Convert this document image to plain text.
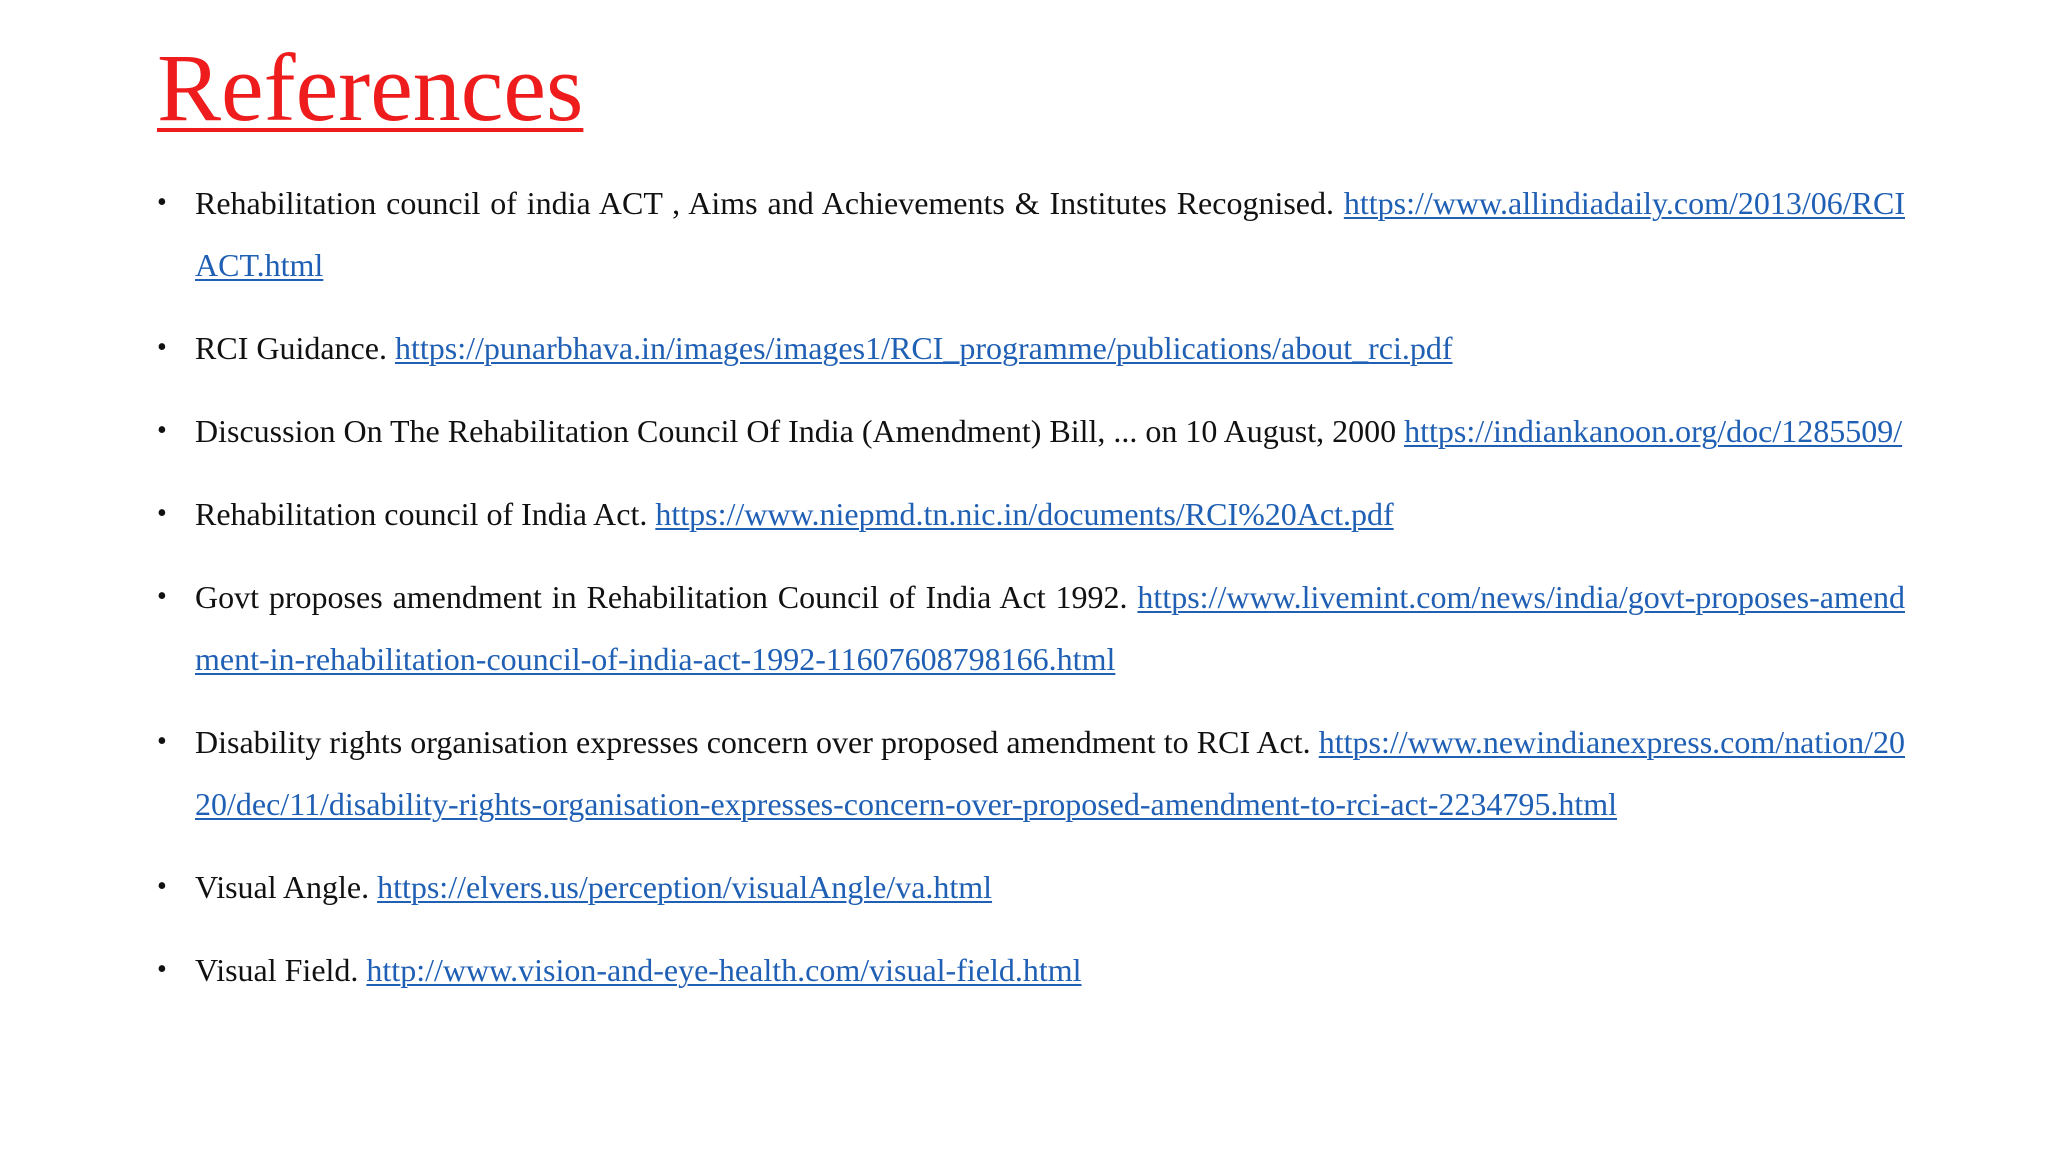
References
• Rehabilitation council of india ACT , Aims and Achievements & Institutes Recognised. https://www.allindiadaily.com/2013/06/RCIACT.html
• RCI Guidance. https://punarbhava.in/images/images1/RCI_programme/publications/about_rci.pdf
• Discussion On The Rehabilitation Council Of India (Amendment) Bill, ... on 10 August, 2000 https://indiankanoon.org/doc/1285509/
• Rehabilitation council of India Act. https://www.niepmd.tn.nic.in/documents/RCI%20Act.pdf
• Govt proposes amendment in Rehabilitation Council of India Act 1992. https://www.livemint.com/news/india/govt-proposes-amendment-in-rehabilitation-council-of-india-act-1992-11607608798166.html
• Disability rights organisation expresses concern over proposed amendment to RCI Act. https://www.newindianexpress.com/nation/2020/dec/11/disability-rights-organisation-expresses-concern-over-proposed-amendment-to-rci-act-2234795.html
• Visual Angle. https://elvers.us/perception/visualAngle/va.html
• Visual Field. http://www.vision-and-eye-health.com/visual-field.html
